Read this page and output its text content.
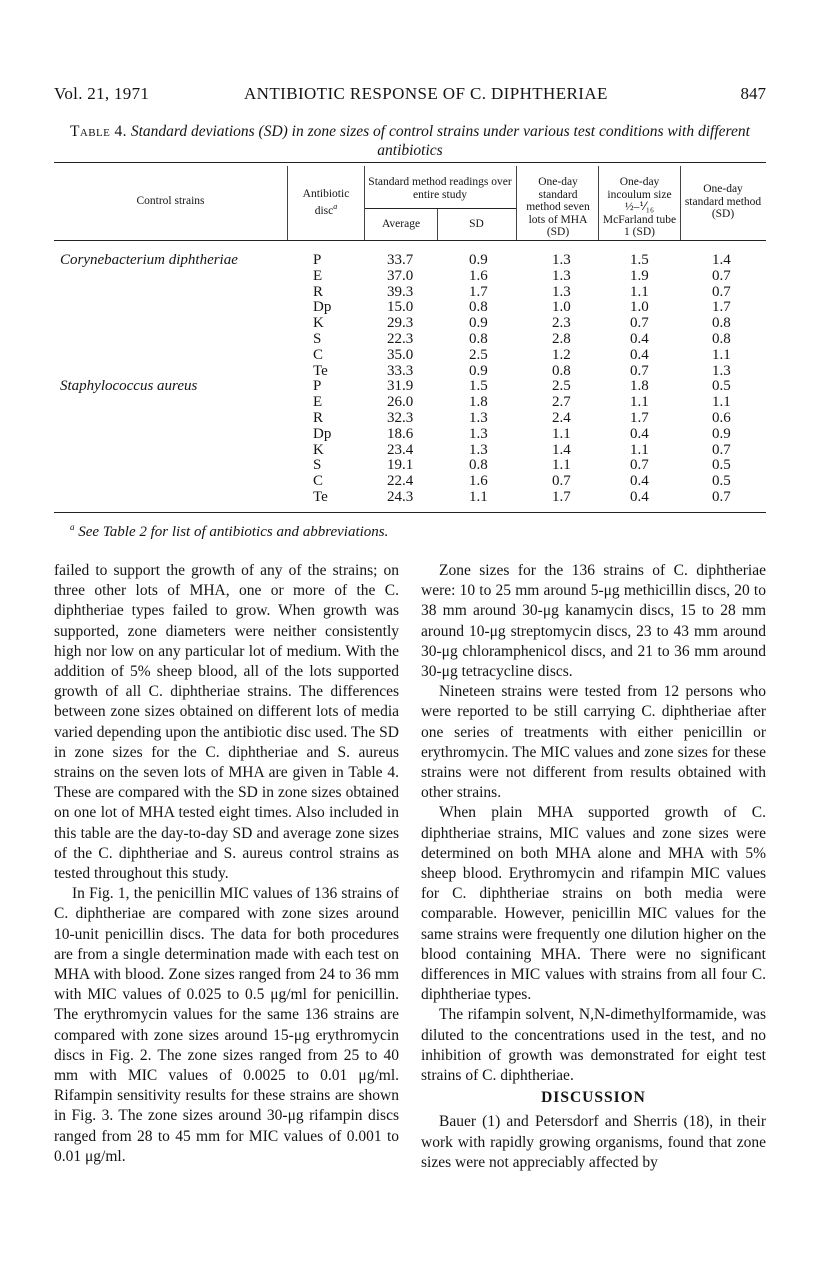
Vol. 21, 1971	ANTIBIOTIC RESPONSE OF C. DIPHTHERIAE	847
Table 4. Standard deviations (SD) in zone sizes of control strains under various test conditions with different antibiotics
Control strains
Antibiotic disc$^a$
Standard method readings over entire study
Average	SD
One-day standard method seven lots of MHA (SD)
One-day incoulum size ½–⅟₁₆ McFarland tube 1 (SD)
One-day standard method (SD)
Corynebacterium diphtheriae	P	33.7	0.9	1.3	1.5	1.4
E	37.0	1.6	1.3	1.9	0.7
R	39.3	1.7	1.3	1.1	0.7
Dp	15.0	0.8	1.0	1.0	1.7
K	29.3	0.9	2.3	0.7	0.8
S	22.3	0.8	2.8	0.4	0.8
C	35.0	2.5	1.2	0.4	1.1
Te	33.3	0.9	0.8	0.7	1.3
Staphylococcus aureus	P	31.9	1.5	2.5	1.8	0.5
E	26.0	1.8	2.7	1.1	1.1
R	32.3	1.3	2.4	1.7	0.6
Dp	18.6	1.3	1.1	0.4	0.9
K	23.4	1.3	1.4	1.1	0.7
S	19.1	0.8	1.1	0.7	0.5
C	22.4	1.6	0.7	0.4	0.5
Te	24.3	1.1	1.7	0.4	0.7
$^a$ See Table 2 for list of antibiotics and abbreviations.

failed to support the growth of any of the strains; on three other lots of MHA, one or more of the C. diphtheriae types failed to grow. When growth was supported, zone diameters were neither consistently high nor low on any particular lot of medium. With the addition of 5% sheep blood, all of the lots supported growth of all C. diphtheriae strains. The differences between zone sizes obtained on different lots of media varied depending upon the antibiotic disc used. The SD in zone sizes for the C. diphtheriae and S. aureus strains on the seven lots of MHA are given in Table 4. These are compared with the SD in zone sizes obtained on one lot of MHA tested eight times. Also included in this table are the day-to-day SD and average zone sizes of the C. diphtheriae and S. aureus control strains as tested throughout this study.

In Fig. 1, the penicillin MIC values of 136 strains of C. diphtheriae are compared with zone sizes around 10-unit penicillin discs. The data for both procedures are from a single determination made with each test on MHA with blood. Zone sizes ranged from 24 to 36 mm with MIC values of 0.025 to 0.5 μg/ml for penicillin. The erythromycin values for the same 136 strains are compared with zone sizes around 15-μg erythromycin discs in Fig. 2. The zone sizes ranged from 25 to 40 mm with MIC values of 0.0025 to 0.01 μg/ml. Rifampin sensitivity results for these strains are shown in Fig. 3. The zone sizes around 30-μg rifampin discs ranged from 28 to 45 mm for MIC values of 0.001 to 0.01 μg/ml.

Zone sizes for the 136 strains of C. diphtheriae were: 10 to 25 mm around 5-μg methicillin discs, 20 to 38 mm around 30-μg kanamycin discs, 15 to 28 mm around 10-μg streptomycin discs, 23 to 43 mm around 30-μg chloramphenicol discs, and 21 to 36 mm around 30-μg tetracycline discs.

Nineteen strains were tested from 12 persons who were reported to be still carrying C. diphtheriae after one series of treatments with either penicillin or erythromycin. The MIC values and zone sizes for these strains were not different from results obtained with other strains.

When plain MHA supported growth of C. diphtheriae strains, MIC values and zone sizes were determined on both MHA alone and MHA with 5% sheep blood. Erythromycin and rifampin MIC values for C. diphtheriae strains on both media were comparable. However, penicillin MIC values for the same strains were frequently one dilution higher on the blood containing MHA. There were no significant differences in MIC values with strains from all four C. diphtheriae types.

The rifampin solvent, N,N-dimethylformamide, was diluted to the concentrations used in the test, and no inhibition of growth was demonstrated for eight test strains of C. diphtheriae.

DISCUSSION

Bauer (1) and Petersdorf and Sherris (18), in their work with rapidly growing organisms, found that zone sizes were not appreciably affected by
